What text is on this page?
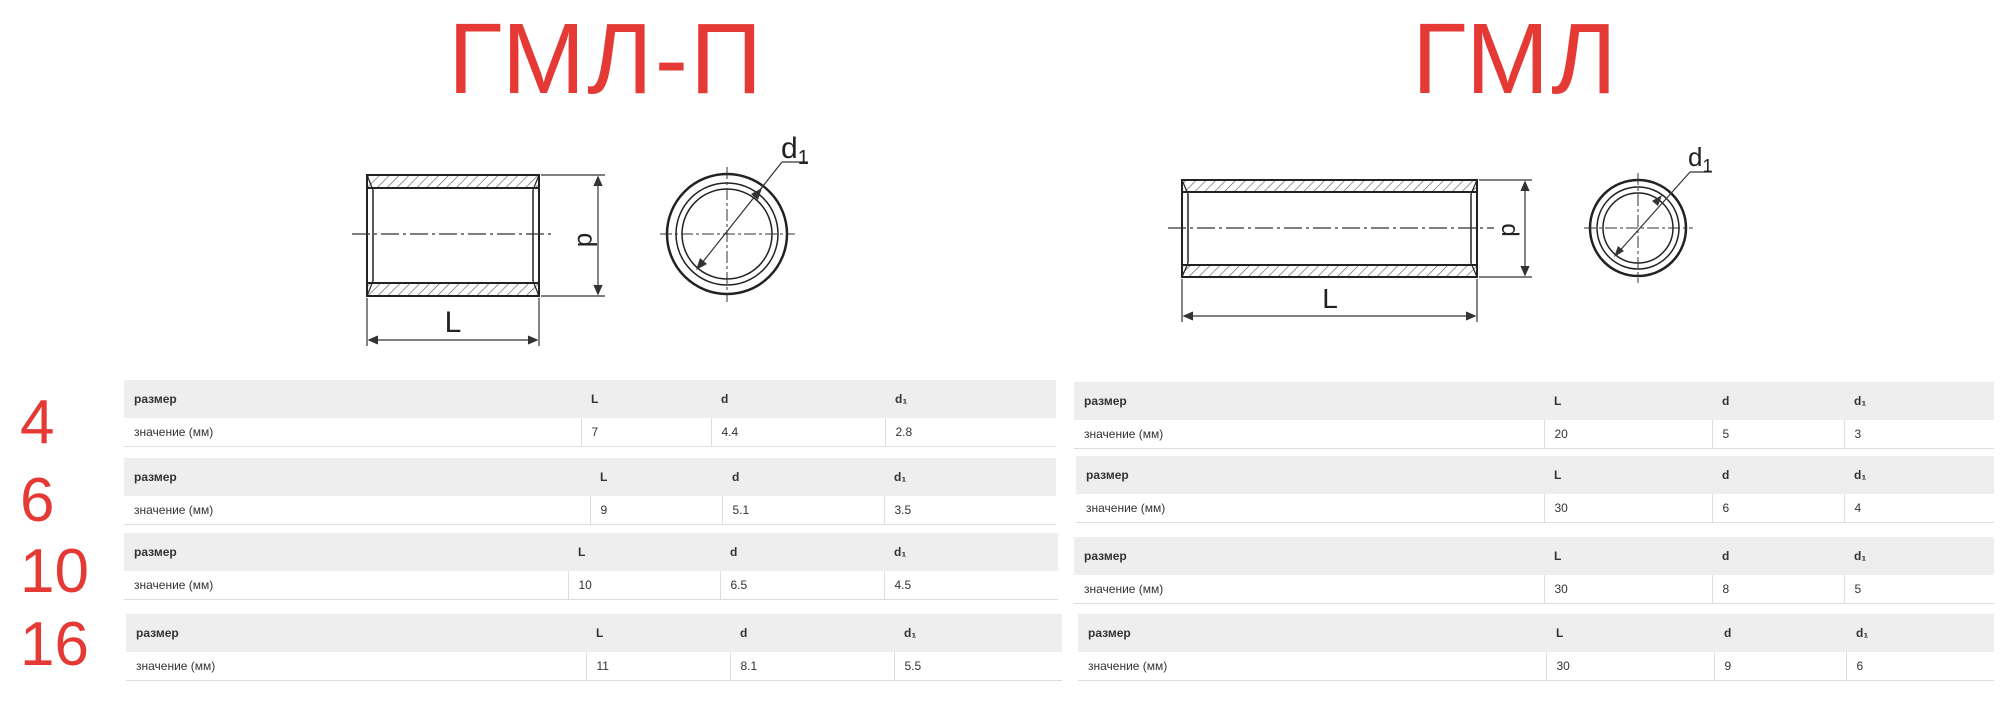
ГМЛ-П	ГМЛ
d
L
$d_1$
d
L
$d_1$
4
6
10
16
размер	L	d	d₁
значение (мм)	7	4.4	2.8
размер	L	d	d₁
значение (мм)	9	5.1	3.5
размер	L	d	d₁
значение (мм)	10	6.5	4.5
размер	L	d	d₁
значение (мм)	11	8.1	5.5
размер	L	d	d₁
значение (мм)	20	5	3
размер	L	d	d₁
значение (мм)	30	6	4
размер	L	d	d₁
значение (мм)	30	8	5
размер	L	d	d₁
значение (мм)	30	9	6
